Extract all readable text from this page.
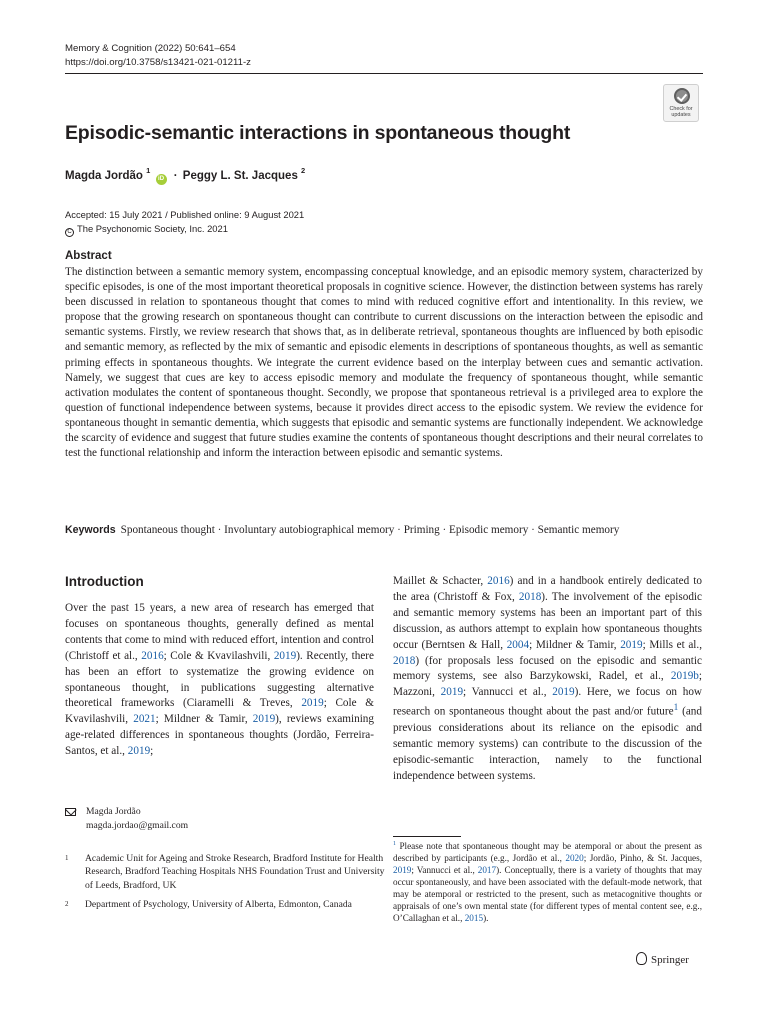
Memory & Cognition (2022) 50:641–654
https://doi.org/10.3758/s13421-021-01211-z
Check for
updates
Episodic-semantic interactions in spontaneous thought
Magda Jordão $^1$ iD · Peggy L. St. Jacques $^2$
Accepted: 15 July 2021 / Published online: 9 August 2021
C The Psychonomic Society, Inc. 2021
Abstract

The distinction between a semantic memory system, encompassing conceptual knowledge, and an episodic memory system, characterized by specific episodes, is one of the most important theoretical proposals in cognitive science. However, the distinction between systems has rarely been discussed in relation to spontaneous thought that comes to mind with reduced cognitive effort and intentionality. In this review, we propose that the growing research on spontaneous thought can contribute to current discussions on the interaction between the episodic and semantic systems. Firstly, we review research that shows that, as in deliberate retrieval, spontaneous thoughts are influenced by both episodic and semantic memory, as reflected by the mix of semantic and episodic elements in descriptions of spontaneous thoughts, as well as semantic priming effects in spontaneous thoughts. We integrate the current evidence based on the interplay between cues and semantic activation. Namely, we suggest that cues are key to access episodic memory and modulate the frequency of spontaneous thought, while semantic activation modulates the content of spontaneous thought. Secondly, we propose that spontaneous retrieval is a privileged area to explore the question of functional independence between systems, because it provides direct access to the episodic system. We review the evidence for spontaneous thought in semantic dementia, which suggests that episodic and semantic systems are functionally independent. We acknowledge the scarcity of evidence and suggest that future studies examine the contents of spontaneous thought descriptions and their neural correlates to test the functional relationship and inform the interaction between episodic and semantic systems.

Keywords Spontaneous thought · Involuntary autobiographical memory · Priming · Episodic memory · Semantic memory
Introduction

Over the past 15 years, a new area of research has emerged that focuses on spontaneous thoughts, generally defined as mental contents that come to mind with reduced effort, intention and control (Christoff et al., 2016; Cole & Kvavilashvili, 2019). Recently, there has been an effort to systematize the growing evidence on spontaneous thought, in publications suggesting alternative theoretical frameworks (Ciaramelli & Treves, 2019; Cole & Kvavilashvili, 2021; Mildner & Tamir, 2019), reviews examining age-related differences in spontaneous thoughts (Jordão, Ferreira-Santos, et al., 2019;

Maillet & Schacter, 2016) and in a handbook entirely dedicated to the area (Christoff & Fox, 2018). The involvement of the episodic and semantic memory systems has been an important part of this discussion, as authors attempt to explain how spontaneous thoughts occur (Berntsen & Hall, 2004; Mildner & Tamir, 2019; Mills et al., 2018) (for proposals less focused on the episodic and semantic memory systems, see also Barzykowski, Radel, et al., 2019b; Mazzoni, 2019; Vannucci et al., 2019). Here, we focus on how research on spontaneous thought about the past and/or future$^1$ (and previous considerations about its reliance on the episodic and semantic memory systems) can contribute to the discussion of the episodic-semantic interaction, namely to the functional independence between systems.

Magda Jordão
magda.jordao@gmail.com
1 Academic Unit for Ageing and Stroke Research, Bradford Institute for Health Research, Bradford Teaching Hospitals NHS Foundation Trust and University of Leeds, Bradford, UK
2 Department of Psychology, University of Alberta, Edmonton, Canada

$^1$ Please note that spontaneous thought may be atemporal or about the present as described by participants (e.g., Jordão et al., 2020; Jordão, Pinho, & St. Jacques, 2019; Vannucci et al., 2017). Conceptually, there is a variety of thoughts that may occur spontaneously, and have been associated with the default-mode network, that may be atemporal or restricted to the present, such as metacognitive thoughts or appraisals of one’s own mental state (for different types of mental content see, e.g., O’Callaghan et al., 2015).

Springer
